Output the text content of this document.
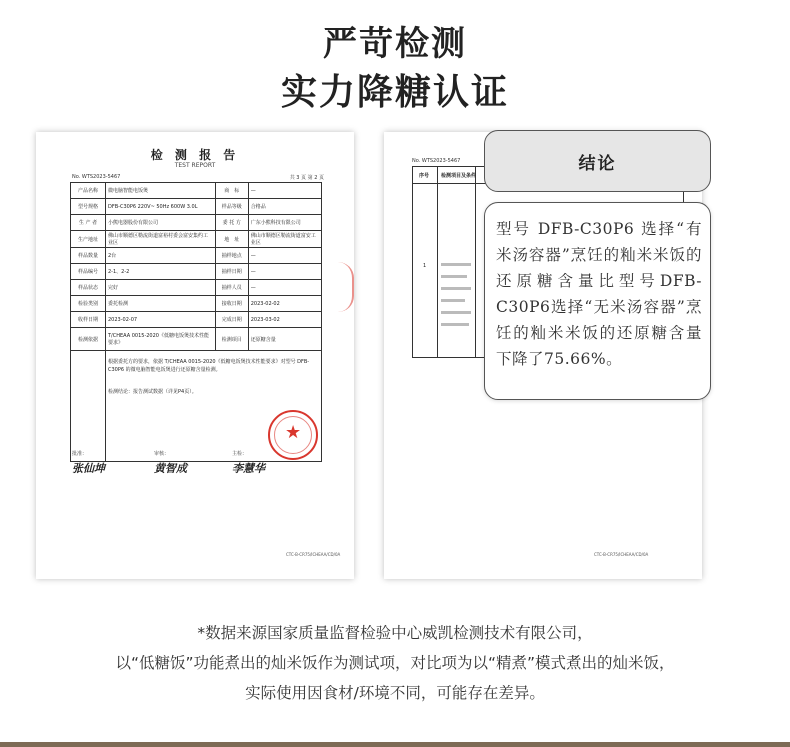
严苛检测
实力降糖认证
检 测 报 告
TEST REPORT
No. WTS2023-5467	共 3 页 第 2 页
产品名称	微电脑智能电饭煲	商　标	—
型号规格	DFB-C30P6 220V~ 50Hz 600W 3.0L	样品等级	合格品
生 产 者	小熊电器股份有限公司	委 托 方	广东小熊科技有限公司
生产地址	佛山市顺德区勒流街道富裕村委会富安集约工业区	地　址	佛山市顺德区勒流街道富安工业区
样品数量	2台	抽样地点	—
样品编号	2-1、2-2	抽样日期	—
样品状态	完好	抽样人员	—
检验类别	委托检测	接收日期	2023-02-02
收样日期	2023-02-07	完成日期	2023-03-02
检测依据	T/CHEAA 0015-2020《低糖电饭煲技术性能要求》	检测项目	还原糖含量

	根据委托方的要求，依据 T/CHEAA 0015-2020《低糖电饭煲技术性能要求》对型号 DFB-C30P6 的微电脑智能电饭煲进行还原糖含量检测。
检测结论：报告测试数据（详见P4页）。		
★
批准：
张仙坤
审核：
黄智成
主检：
李慧华
CTC-B-CR75/ICHEAA/CD/0A
No. WTS2023-5467
序号 检测项目及条件
1
CTC-B-CR75/ICHEAA/CD/0A
结论
型号 DFB-C30P6 选择“有米汤容器”烹饪的籼米米饭的还原糖含量比型号DFB-C30P6选择“无米汤容器”烹饪的籼米米饭的还原糖含量下降了75.66%。
*数据来源国家质量监督检验中心威凯检测技术有限公司，
以“低糖饭”功能煮出的灿米饭作为测试项，对比项为以“精煮”模式煮出的灿米饭，
实际使用因食材/环境不同，可能存在差异。
